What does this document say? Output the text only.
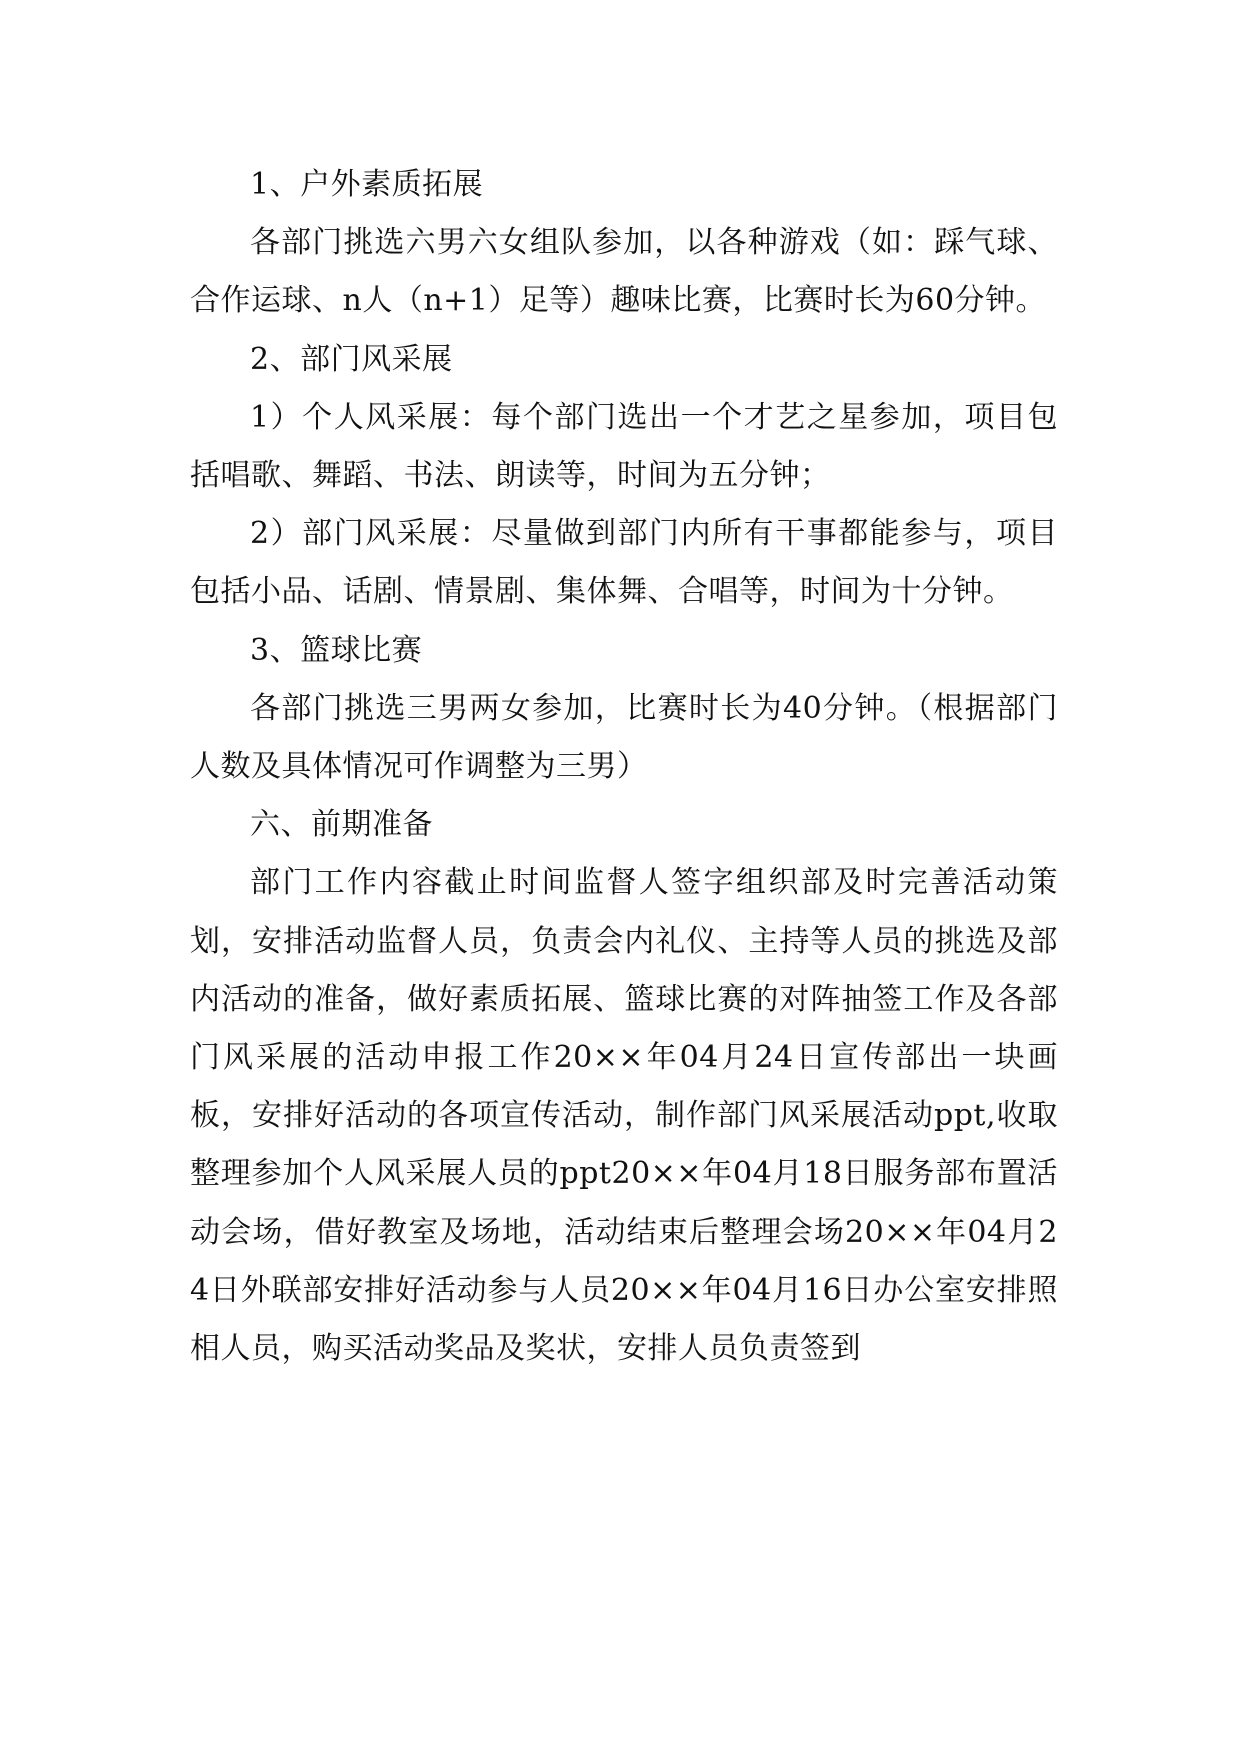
1、户外素质拓展

各部门挑选六男六女组队参加，以各种游戏（如：踩气球、合作运球、n人（n+1）足等）趣味比赛，比赛时长为60分钟。

2、部门风采展

1）个人风采展：每个部门选出一个才艺之星参加，项目包括唱歌、舞蹈、书法、朗读等，时间为五分钟；

2）部门风采展：尽量做到部门内所有干事都能参与，项目包括小品、话剧、情景剧、集体舞、合唱等，时间为十分钟。

3、篮球比赛

各部门挑选三男两女参加，比赛时长为40分钟。（根据部门人数及具体情况可作调整为三男）

六、前期准备

部门工作内容截止时间监督人签字组织部及时完善活动策划，安排活动监督人员，负责会内礼仪、主持等人员的挑选及部内活动的准备，做好素质拓展、篮球比赛的对阵抽签工作及各部门风采展的活动申报工作20××年04月24日宣传部出一块画板，安排好活动的各项宣传活动，制作部门风采展活动ppt,收取整理参加个人风采展人员的ppt20××年04月18日服务部布置活动会场，借好教室及场地，活动结束后整理会场20××年04月24日外联部安排好活动参与人员20××年04月16日办公室安排照相人员，购买活动奖品及奖状，安排人员负责签到
